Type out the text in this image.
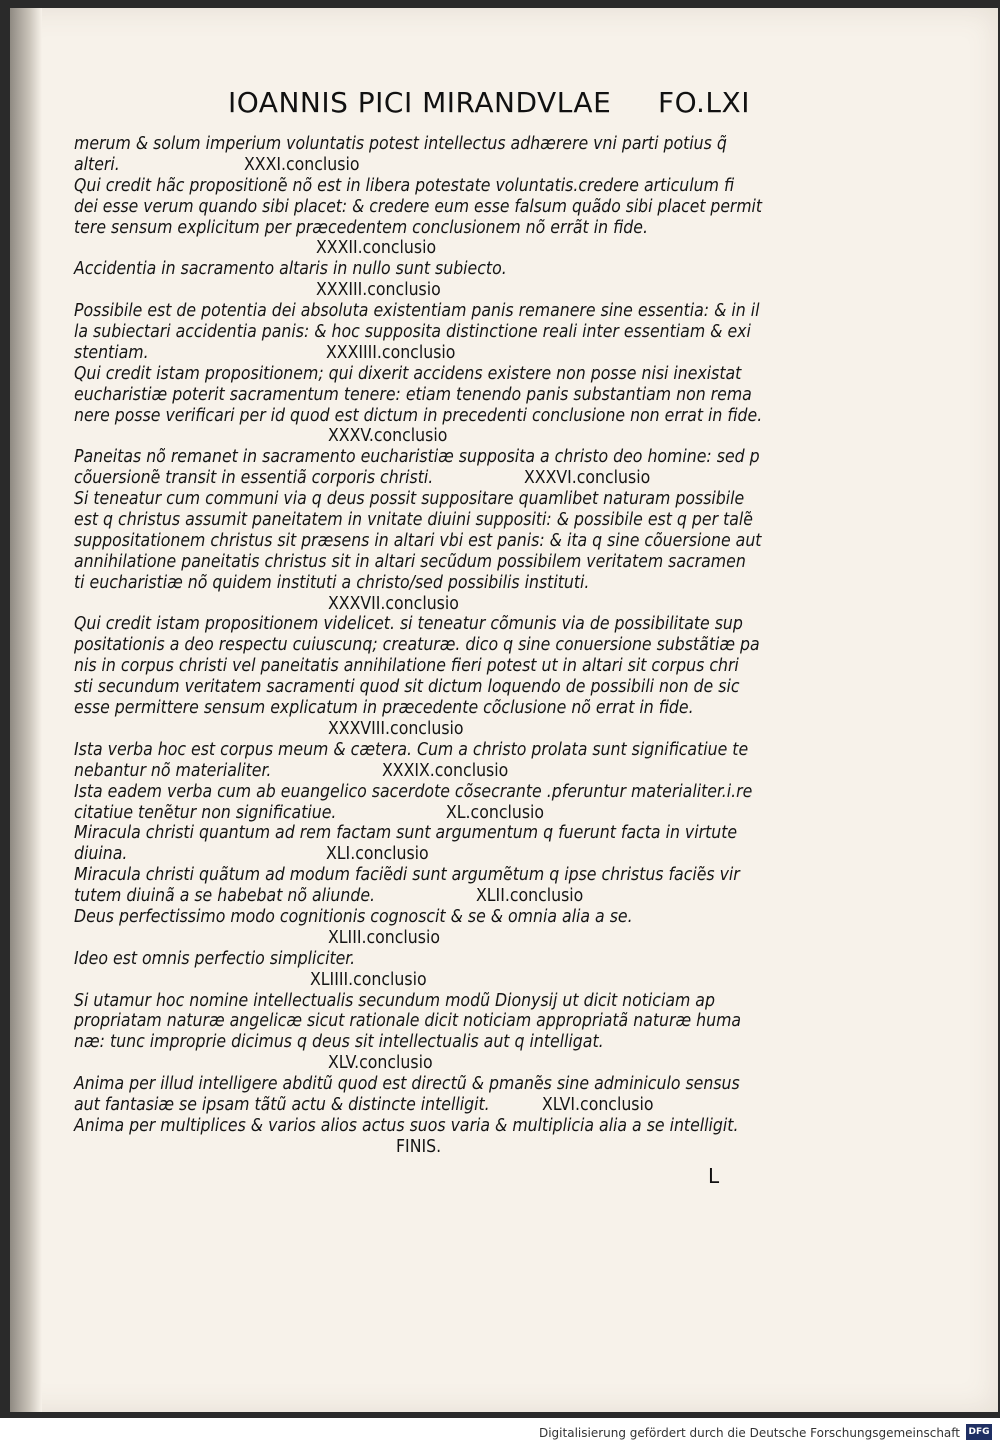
IOANNIS PICI MIRANDVLAE FO.LXI
merum & solum imperium voluntatis potest intellectus adhærere vni parti potius q̃
alteri.	XXXI.conclusio
Qui credit hãc propositionẽ nõ est in libera potestate voluntatis.credere articulum fi
dei esse verum quando sibi placet: & credere eum esse falsum quãdo sibi placet permit
tere sensum explicitum per præcedentem conclusionem nõ errãt in fide.
XXXII.conclusio
Accidentia in sacramento altaris in nullo sunt subiecto.
XXXIII.conclusio
Possibile est de potentia dei absoluta existentiam panis remanere sine essentia: & in il
la subiectari accidentia panis: & hoc supposita distinctione reali inter essentiam & exi
stentiam.	XXXIIII.conclusio
Qui credit istam propositionem; qui dixerit accidens existere non posse nisi inexistat
eucharistiæ poterit sacramentum tenere: etiam tenendo panis substantiam non rema
nere posse verificari per id quod est dictum in precedenti conclusione non errat in fide.
XXXV.conclusio
Paneitas nõ remanet in sacramento eucharistiæ supposita a christo deo homine: sed p
cõuersionẽ transit in essentiã corporis christi.	XXXVI.conclusio
Si teneatur cum communi via q deus possit suppositare quamlibet naturam possibile
est q christus assumit paneitatem in vnitate diuini suppositi: & possibile est q per talẽ
suppositationem christus sit præsens in altari vbi est panis: & ita q sine cõuersione aut
annihilatione paneitatis christus sit in altari secũdum possibilem veritatem sacramen
ti eucharistiæ nõ quidem instituti a christo/sed possibilis instituti.
XXXVII.conclusio
Qui credit istam propositionem videlicet. si teneatur cõmunis via de possibilitate sup
positationis a deo respectu cuiuscunq; creaturæ. dico q sine conuersione substãtiæ pa
nis in corpus christi vel paneitatis annihilatione fieri potest ut in altari sit corpus chri
sti secundum veritatem sacramenti quod sit dictum loquendo de possibili non de sic
esse permittere sensum explicatum in præcedente cõclusione nõ errat in fide.
XXXVIII.conclusio
Ista verba hoc est corpus meum & cætera. Cum a christo prolata sunt significatiue te
nebantur nõ materialiter.	XXXIX.conclusio
Ista eadem verba cum ab euangelico sacerdote cõsecrante .pferuntur materialiter.i.re
citatiue tenẽtur non significatiue.	XL.conclusio
Miracula christi quantum ad rem factam sunt argumentum q fuerunt facta in virtute
diuina.	XLI.conclusio
Miracula christi quãtum ad modum faciẽdi sunt argumẽtum q ipse christus faciẽs vir
tutem diuinã a se habebat nõ aliunde.	XLII.conclusio
Deus perfectissimo modo cognitionis cognoscit & se & omnia alia a se.
XLIII.conclusio
Ideo est omnis perfectio simpliciter.
XLIIII.conclusio
Si utamur hoc nomine intellectualis secundum modũ Dionysij ut dicit noticiam ap
propriatam naturæ angelicæ sicut rationale dicit noticiam appropriatã naturæ huma
næ: tunc improprie dicimus q deus sit intellectualis aut q intelligat.
XLV.conclusio
Anima per illud intelligere abditũ quod est directũ & pmanẽs sine adminiculo sensus
aut fantasiæ se ipsam tãtũ actu & distincte intelligit.	XLVI.conclusio
Anima per multiplices & varios alios actus suos varia & multiplicia alia a se intelligit.
FINIS.
L
Digitalisierung gefördert durch die Deutsche Forschungsgemeinschaft DFG
